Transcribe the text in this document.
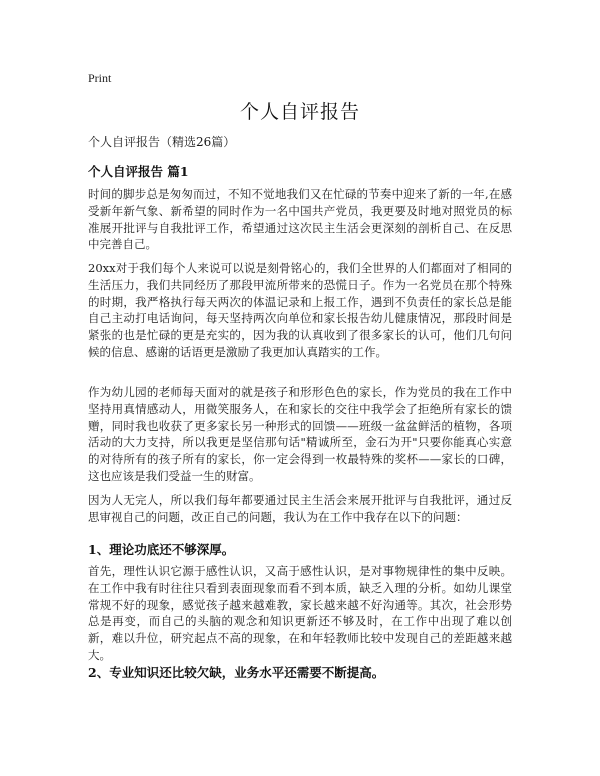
Print
个人自评报告
个人自评报告（精选26篇）
个人自评报告 篇1
时间的脚步总是匆匆而过，不知不觉地我们又在忙碌的节奏中迎来了新的一年,在感受新年新气象、新希望的同时作为一名中国共产党员，我更要及时地对照党员的标准展开批评与自我批评工作，希望通过这次民主生活会更深刻的剖析自己、在反思中完善自己。
20xx对于我们每个人来说可以说是刻骨铭心的，我们全世界的人们都面对了相同的生活压力，我们共同经历了那段甲流所带来的恐慌日子。作为一名党员在那个特殊的时期，我严格执行每天两次的体温记录和上报工作，遇到不负责任的家长总是能自己主动打电话询问，每天坚持两次向单位和家长报告幼儿健康情况，那段时间是紧张的也是忙碌的更是充实的，因为我的认真收到了很多家长的认可，他们几句问候的信息、感谢的话语更是激励了我更加认真踏实的工作。
作为幼儿园的老师每天面对的就是孩子和形形色色的家长，作为党员的我在工作中坚持用真情感动人，用微笑服务人，在和家长的交往中我学会了拒绝所有家长的馈赠，同时我也收获了更多家长另一种形式的回馈——班级一盆盆鲜活的植物，各项活动的大力支持，所以我更是坚信那句话"精诚所至，金石为开"只要你能真心实意的对待所有的孩子所有的家长，你一定会得到一枚最特殊的奖杯——家长的口碑，这也应该是我们受益一生的财富。
因为人无完人，所以我们每年都要通过民主生活会来展开批评与自我批评，通过反思审视自己的问题，改正自己的问题，我认为在工作中我存在以下的问题：
1、理论功底还不够深厚。
首先，理性认识它源于感性认识，又高于感性认识，是对事物规律性的集中反映。在工作中我有时往往只看到表面现象而看不到本质，缺乏入理的分析。如幼儿课堂常规不好的现象，感觉孩子越来越难教，家长越来越不好沟通等。其次，社会形势总是再变，而自己的头脑的观念和知识更新还不够及时，在工作中出现了难以创新，难以升位，研究起点不高的现象，在和年轻教师比较中发现自己的差距越来越大。
2、专业知识还比较欠缺，业务水平还需要不断提高。
